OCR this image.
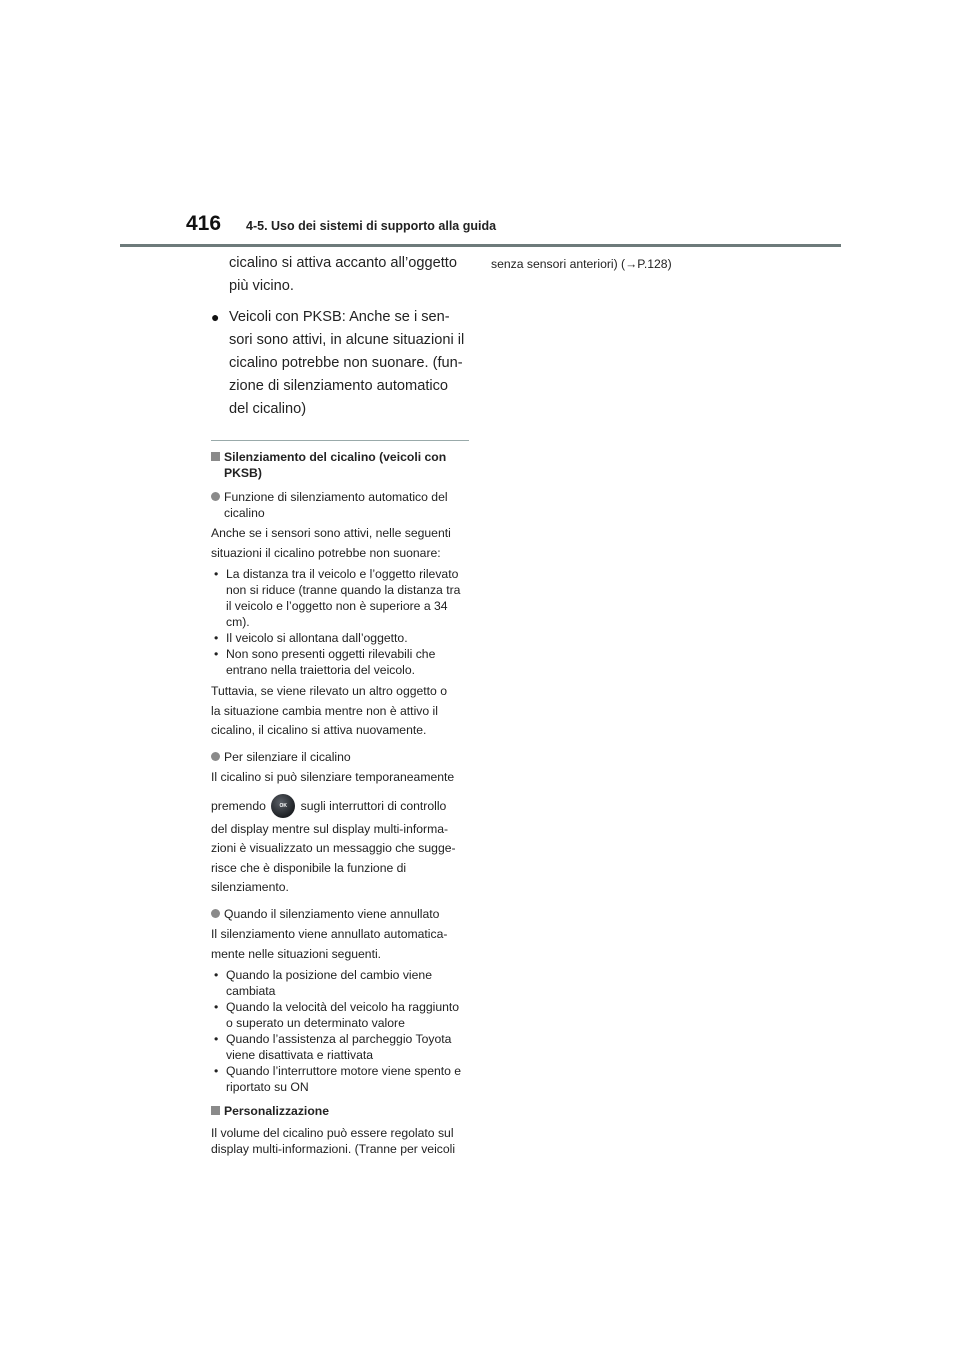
416 4-5. Uso dei sistemi di supporto alla guida

cicalino si attiva accanto all’oggetto

più vicino.

● Veicoli con PKSB: Anche se i sen-

sori sono attivi, in alcune situazioni il

cicalino potrebbe non suonare. (fun-

zione di silenziamento automatico

del cicalino)

Silenziamento del cicalino (veicoli con PKSB)
Funzione di silenziamento automatico del cicalino

Anche se i sensori sono attivi, nelle seguenti

situazioni il cicalino potrebbe non suonare:

• La distanza tra il veicolo e l’oggetto rilevato non si riduce (tranne quando la distanza tra il veicolo e l’oggetto non è superiore a 34 cm).
• Il veicolo si allontana dall’oggetto.
• Non sono presenti oggetti rilevabili che entrano nella traiettoria del veicolo.

Tuttavia, se viene rilevato un altro oggetto o

la situazione cambia mentre non è attivo il

cicalino, il cicalino si attiva nuovamente.

Per silenziare il cicalino

Il cicalino si può silenziare temporaneamente

premendo	OK sugli interruttori di controllo

del display mentre sul display multi-informa-

zioni è visualizzato un messaggio che sugge-

risce che è disponibile la funzione di

silenziamento.

Quando il silenziamento viene annullato

Il silenziamento viene annullato automatica-

mente nelle situazioni seguenti.

• Quando la posizione del cambio viene cambiata
• Quando la velocità del veicolo ha raggiunto o superato un determinato valore
• Quando l’assistenza al parcheggio Toyota viene disattivata e riattivata
• Quando l’interruttore motore viene spento e riportato su ON
Personalizzazione

Il volume del cicalino può essere regolato sul display multi-informazioni. (Tranne per veicoli

senza sensori anteriori) (→P.128)
